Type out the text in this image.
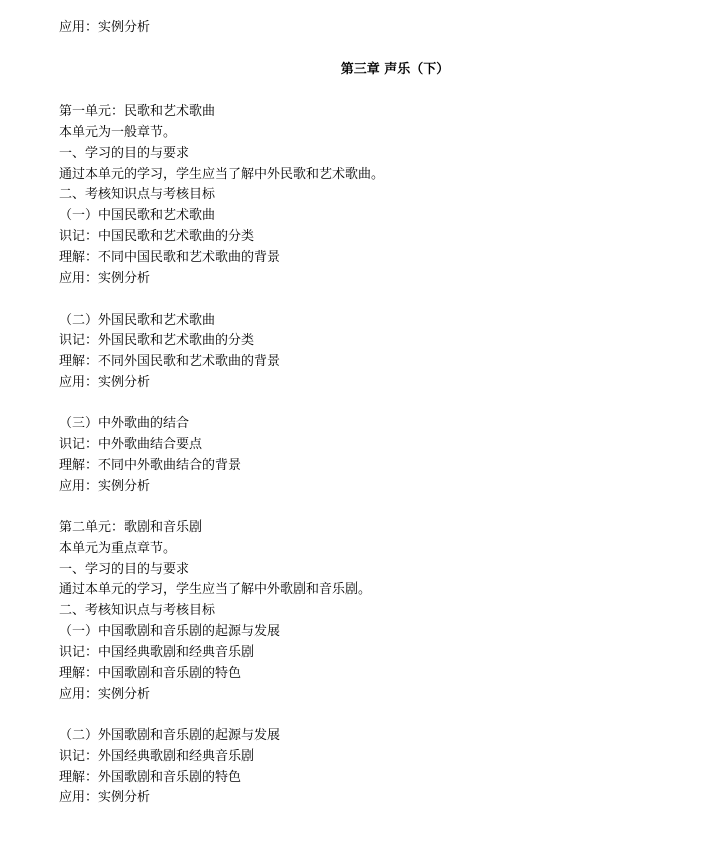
应用：实例分析
第三章 声乐（下）
第一单元：民歌和艺术歌曲
本单元为一般章节。
一、学习的目的与要求
通过本单元的学习，学生应当了解中外民歌和艺术歌曲。
二、考核知识点与考核目标
（一）中国民歌和艺术歌曲
识记：中国民歌和艺术歌曲的分类
理解：不同中国民歌和艺术歌曲的背景
应用：实例分析
（二）外国民歌和艺术歌曲
识记：外国民歌和艺术歌曲的分类
理解：不同外国民歌和艺术歌曲的背景
应用：实例分析
（三）中外歌曲的结合
识记：中外歌曲结合要点
理解：不同中外歌曲结合的背景
应用：实例分析
第二单元：歌剧和音乐剧
本单元为重点章节。
一、学习的目的与要求
通过本单元的学习，学生应当了解中外歌剧和音乐剧。
二、考核知识点与考核目标
（一）中国歌剧和音乐剧的起源与发展
识记：中国经典歌剧和经典音乐剧
理解：中国歌剧和音乐剧的特色
应用：实例分析
（二）外国歌剧和音乐剧的起源与发展
识记：外国经典歌剧和经典音乐剧
理解：外国歌剧和音乐剧的特色
应用：实例分析
